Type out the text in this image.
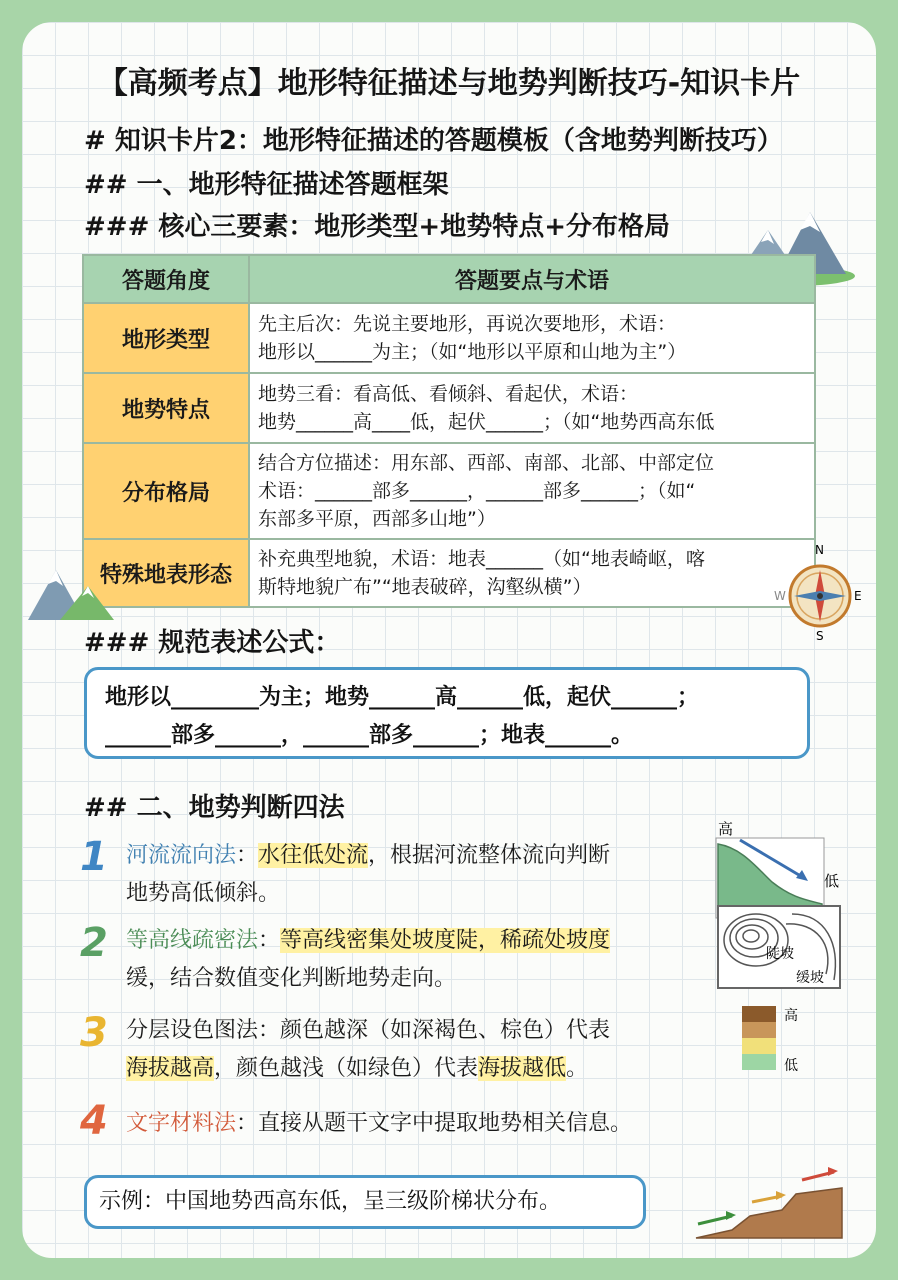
【高频考点】地形特征描述与地势判断技巧-知识卡片
# 知识卡片2：地形特征描述的答题模板（含地势判断技巧）
## 一、地形特征描述答题框架
### 核心三要素：地形类型+地势特点+分布格局
答题角度	答题要点与术语
地形类型	先主后次：先说主要地形，再说次要地形，术语：
地形以______为主；（如“地形以平原和山地为主”）

地势特点	地势三看：看高低、看倾斜、看起伏，术语：
地势______高____低，起伏______；（如“地势西高东低

分布格局	结合方位描述：用东部、西部、南部、北部、中部定位
术语：______部多______，______部多______；（如“
东部多平原，西部多山地”）

特殊地表形态	补充典型地貌，术语：地表______（如“地表崎岖，喀
斯特地貌广布”“地表破碎，沟壑纵横”）
N
E
W
S
### 规范表述公式：
地形以________为主；地势______高______低，起伏______；
______部多______，______部多______；地表______。
## 二、地势判断四法
1 河流流向法：水往低处流，根据河流整体流向判断
地势高低倾斜。
2 等高线疏密法：等高线密集处坡度陡，稀疏处坡度
缓，结合数值变化判断地势走向。
3 分层设色图法：颜色越深（如深褐色、棕色）代表
海拔越高，颜色越浅（如绿色）代表海拔越低。
4 文字材料法：直接从题干文字中提取地势相关信息。
高
低
陡坡
缓坡
高
低
示例：中国地势西高东低，呈三级阶梯状分布。
